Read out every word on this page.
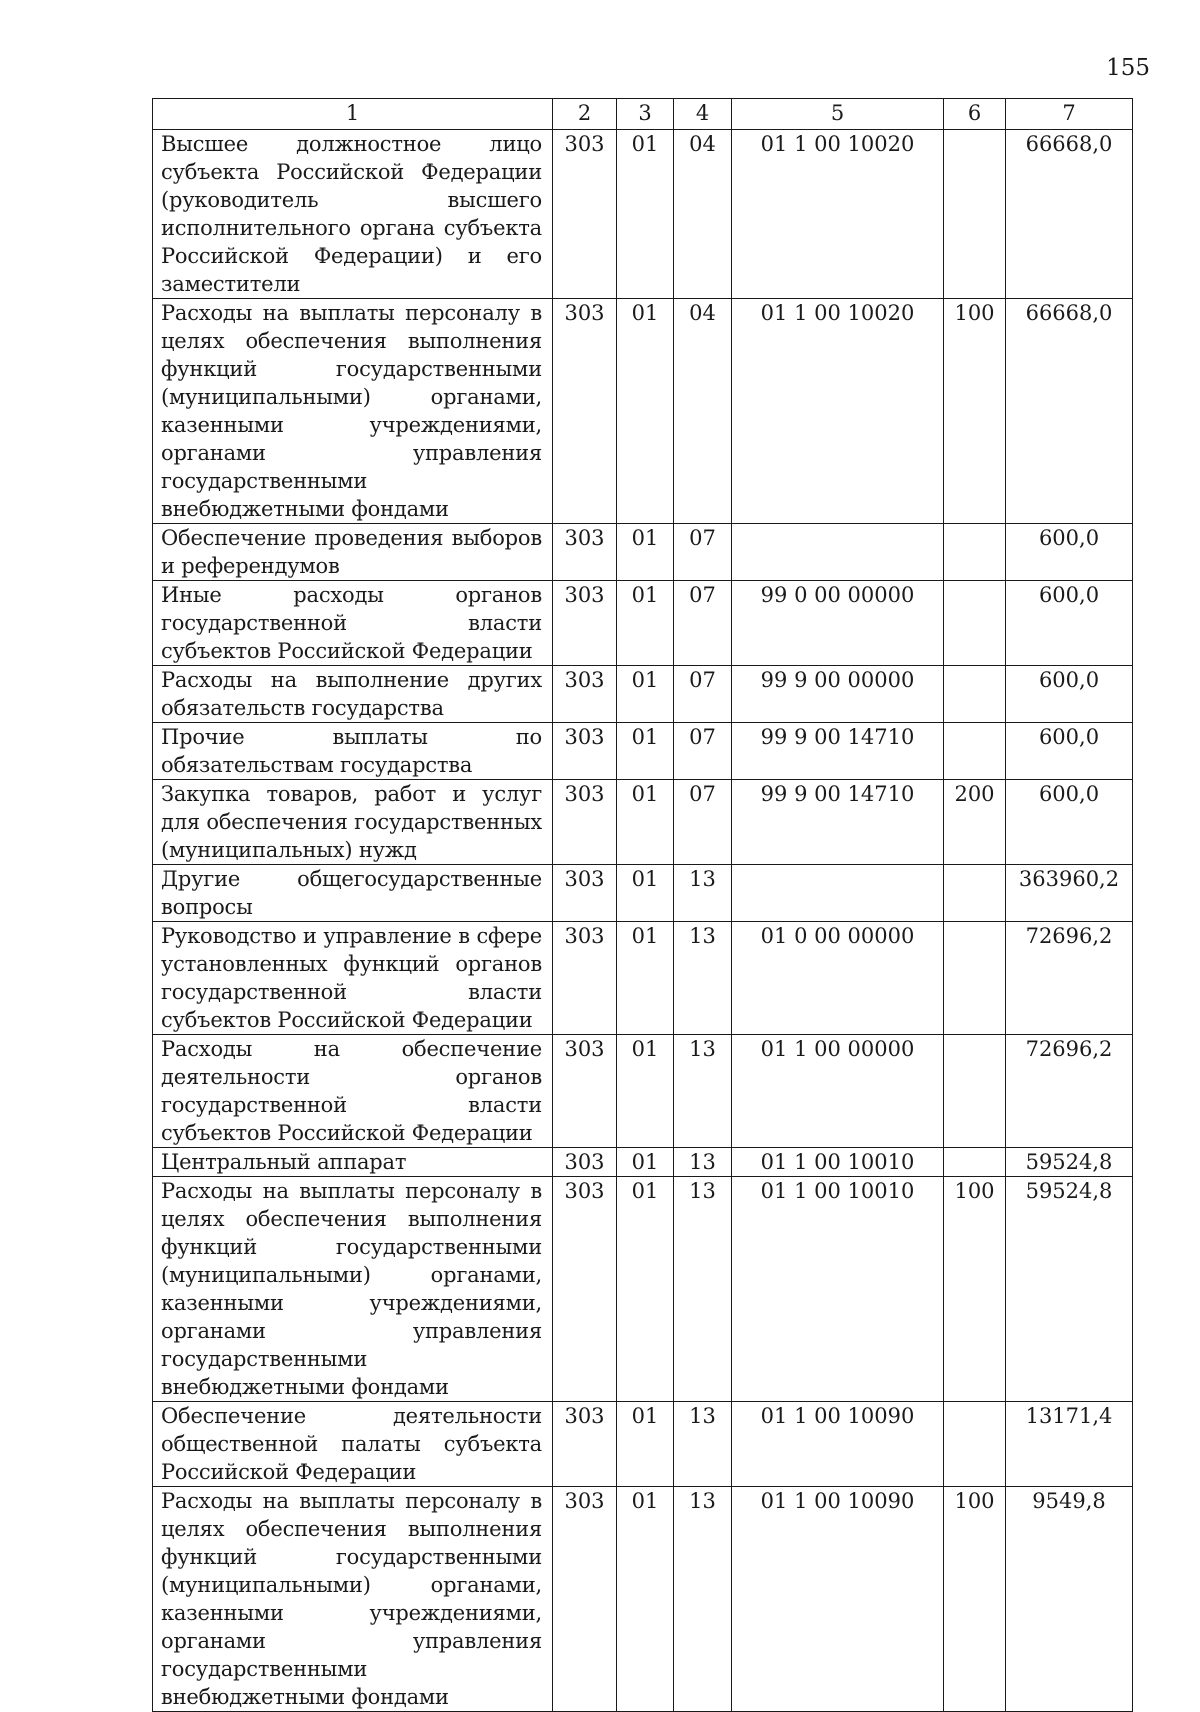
155
1	2	3	4	5	6	7
Высшее должностное лицо субъекта Российской Федерации (руководитель высшего исполнительного органа субъекта Российской Федерации) и его заместители	303	01	04	01 1 00 10020		66668,0
Расходы на выплаты персоналу в целях обеспечения выполнения функций государственными (муниципальными) органами, казенными учреждениями, органами управления государственными внебюджетными фондами	303	01	04	01 1 00 10020	100	66668,0
Обеспечение проведения выборов и референдумов	303	01	07			600,0
Иные расходы органов государственной власти субъектов Российской Федерации	303	01	07	99 0 00 00000		600,0
Расходы на выполнение других обязательств государства	303	01	07	99 9 00 00000		600,0
Прочие выплаты по обязательствам государства	303	01	07	99 9 00 14710		600,0
Закупка товаров, работ и услуг для обеспечения государственных (муниципальных) нужд	303	01	07	99 9 00 14710	200	600,0
Другие общегосударственные вопросы	303	01	13			363960,2
Руководство и управление в сфере установленных функций органов государственной власти субъектов Российской Федерации	303	01	13	01 0 00 00000		72696,2
Расходы на обеспечение деятельности органов государственной власти субъектов Российской Федерации	303	01	13	01 1 00 00000		72696,2
Центральный аппарат	303	01	13	01 1 00 10010		59524,8
Расходы на выплаты персоналу в целях обеспечения выполнения функций государственными (муниципальными) органами, казенными учреждениями, органами управления государственными внебюджетными фондами	303	01	13	01 1 00 10010	100	59524,8
Обеспечение деятельности общественной палаты субъекта Российской Федерации	303	01	13	01 1 00 10090		13171,4
Расходы на выплаты персоналу в целях обеспечения выполнения функций государственными (муниципальными) органами, казенными учреждениями, органами управления государственными внебюджетными фондами	303	01	13	01 1 00 10090	100	9549,8
